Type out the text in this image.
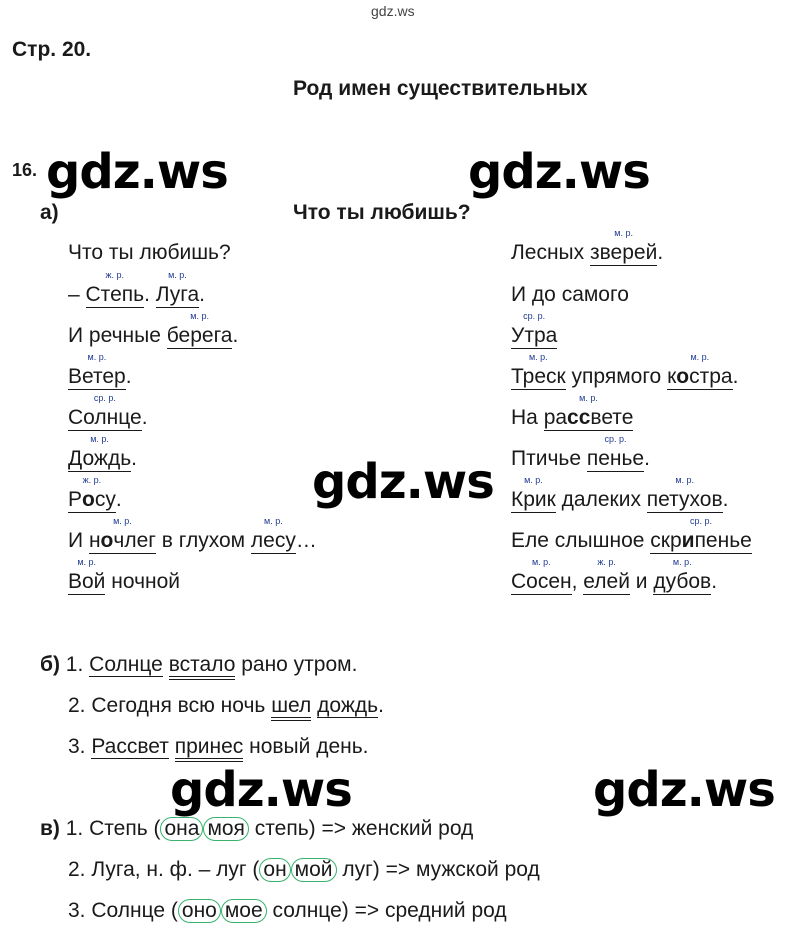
gdz.ws
Стр. 20.
Род имен существительных
16. gdz.ws	gdz.ws
gdz.ws
gdz.ws	gdz.ws
а)	Что ты любишь?
Что ты любишь?
–
ж. р.
Степь.
м. р.
Луга.
И речные
м. р.
берега.
м. р.
Ветер.
ср. р.
Солнце.
м. р.
Дождь.
ж. р.
Росу.
И
м. р.
ночлег в глухом
м. р.
лесу…
м. р.
Вой ночной
Лесных
м. р.
зверей.
И до самого
ср. р.
Утра
м. р.
Треск упрямого
м. р.
костра.
На
м. р.
рассвете
Птичье
ср. р.
пенье.
м. р.
Крик далеких
м. р.
петухов.
Еле слышное
ср. р.
скрипенье
м. р.
Сосен,
ж. р.
елей и
м. р.
дубов.
б) 1. Солнце встало рано утром.
2. Сегодня всю ночь шел дождь.
3. Рассвет принес новый день.
в) 1. Степь ( она моя степь) => женский род
2. Луга, н. ф. – луг ( он мой луг) => мужской род
3. Солнце ( оно мое солнце) => средний род
